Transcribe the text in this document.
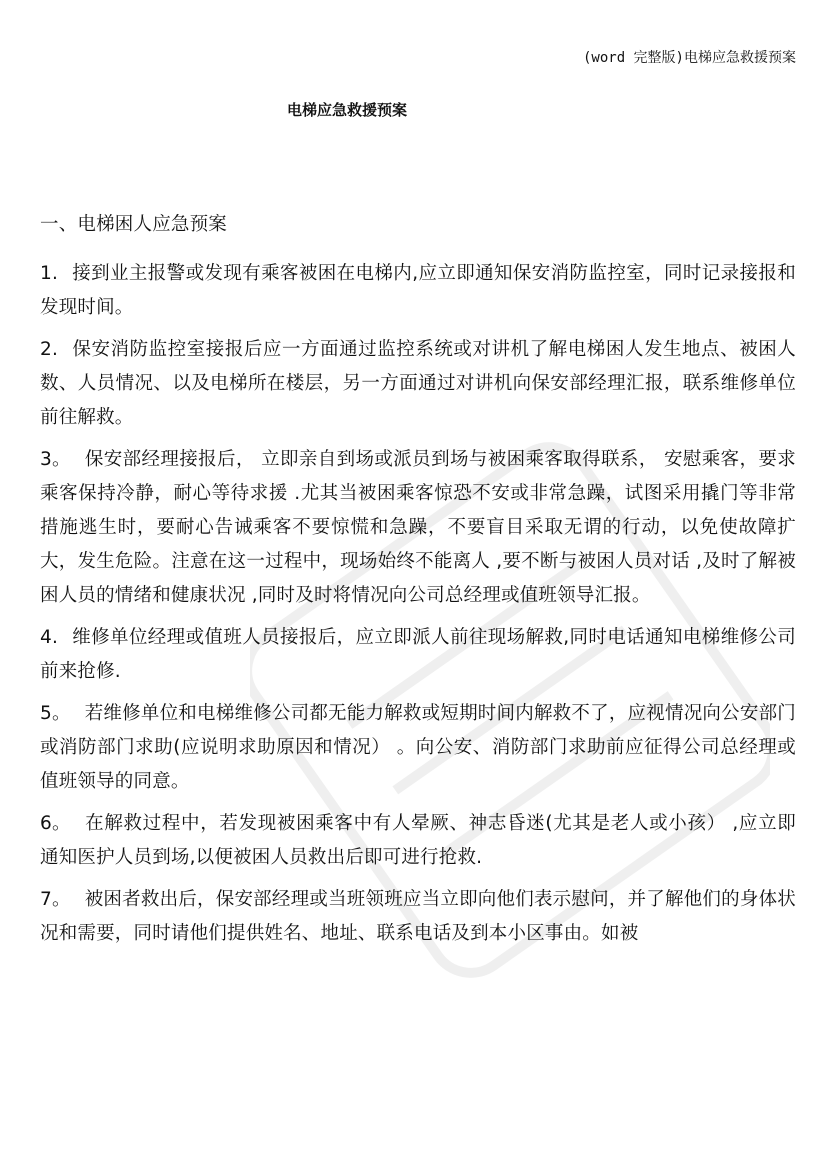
(word 完整版)电梯应急救援预案
电梯应急救援预案
一、电梯困人应急预案

1. 接到业主报警或发现有乘客被困在电梯内,应立即通知保安消防监控室，同时记录接报和发现时间。

2. 保安消防监控室接报后应一方面通过监控系统或对讲机了解电梯困人发生地点、被困人数、人员情况、以及电梯所在楼层，另一方面通过对讲机向保安部经理汇报，联系维修单位前往解救。

3。 保安部经理接报后， 立即亲自到场或派员到场与被困乘客取得联系， 安慰乘客，要求乘客保持冷静，耐心等待求援 .尤其当被困乘客惊恐不安或非常急躁，试图采用撬门等非常措施逃生时，要耐心告诫乘客不要惊慌和急躁，不要盲目采取无谓的行动，以免使故障扩大，发生危险。注意在这一过程中，现场始终不能离人 ,要不断与被困人员对话 ,及时了解被困人员的情绪和健康状况 ,同时及时将情况向公司总经理或值班领导汇报。

4. 维修单位经理或值班人员接报后，应立即派人前往现场解救,同时电话通知电梯维修公司前来抢修.

5。 若维修单位和电梯维修公司都无能力解救或短期时间内解救不了，应视情况向公安部门或消防部门求助(应说明求助原因和情况） 。向公安、消防部门求助前应征得公司总经理或值班领导的同意。

6。 在解救过程中，若发现被困乘客中有人晕厥、神志昏迷(尤其是老人或小孩） ,应立即通知医护人员到场,以便被困人员救出后即可进行抢救.

7。 被困者救出后，保安部经理或当班领班应当立即向他们表示慰问，并了解他们的身体状况和需要，同时请他们提供姓名、地址、联系电话及到本小区事由。如被
